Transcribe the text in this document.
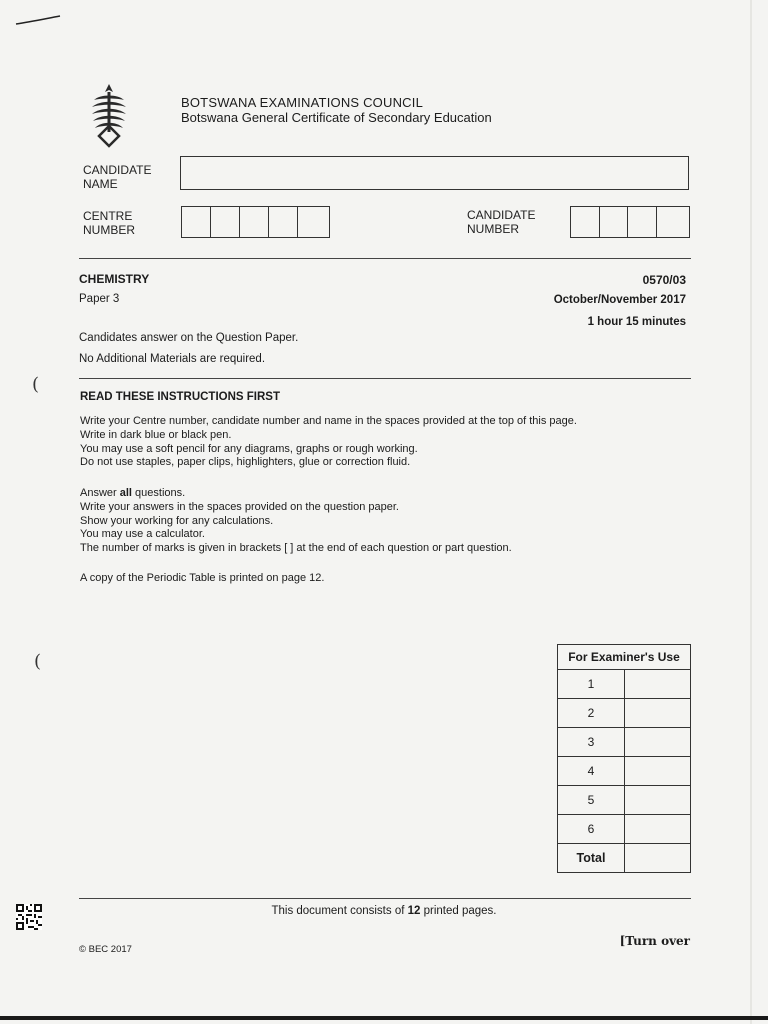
(
(
BOTSWANA EXAMINATIONS COUNCIL
Botswana General Certificate of Secondary Education
CANDIDATE
NAME
CENTRE
NUMBER
CANDIDATE
NUMBER
CHEMISTRY
Paper 3
0570/03
October/November 2017
1 hour 15 minutes
Candidates answer on the Question Paper.
No Additional Materials are required.
READ THESE INSTRUCTIONS FIRST
Write your Centre number, candidate number and name in the spaces provided at the top of this page.
Write in dark blue or black pen.
You may use a soft pencil for any diagrams, graphs or rough working.
Do not use staples, paper clips, highlighters, glue or correction fluid.
Answer all questions.
Write your answers in the spaces provided on the question paper.
Show your working for any calculations.
You may use a calculator.
The number of marks is given in brackets [ ] at the end of each question or part question.
A copy of the Periodic Table is printed on page 12.
For Examiner's Use	
1	
2	
3	
4	
5	
6	
Total	
This document consists of 12 printed pages.
© BEC 2017
[Turn over
